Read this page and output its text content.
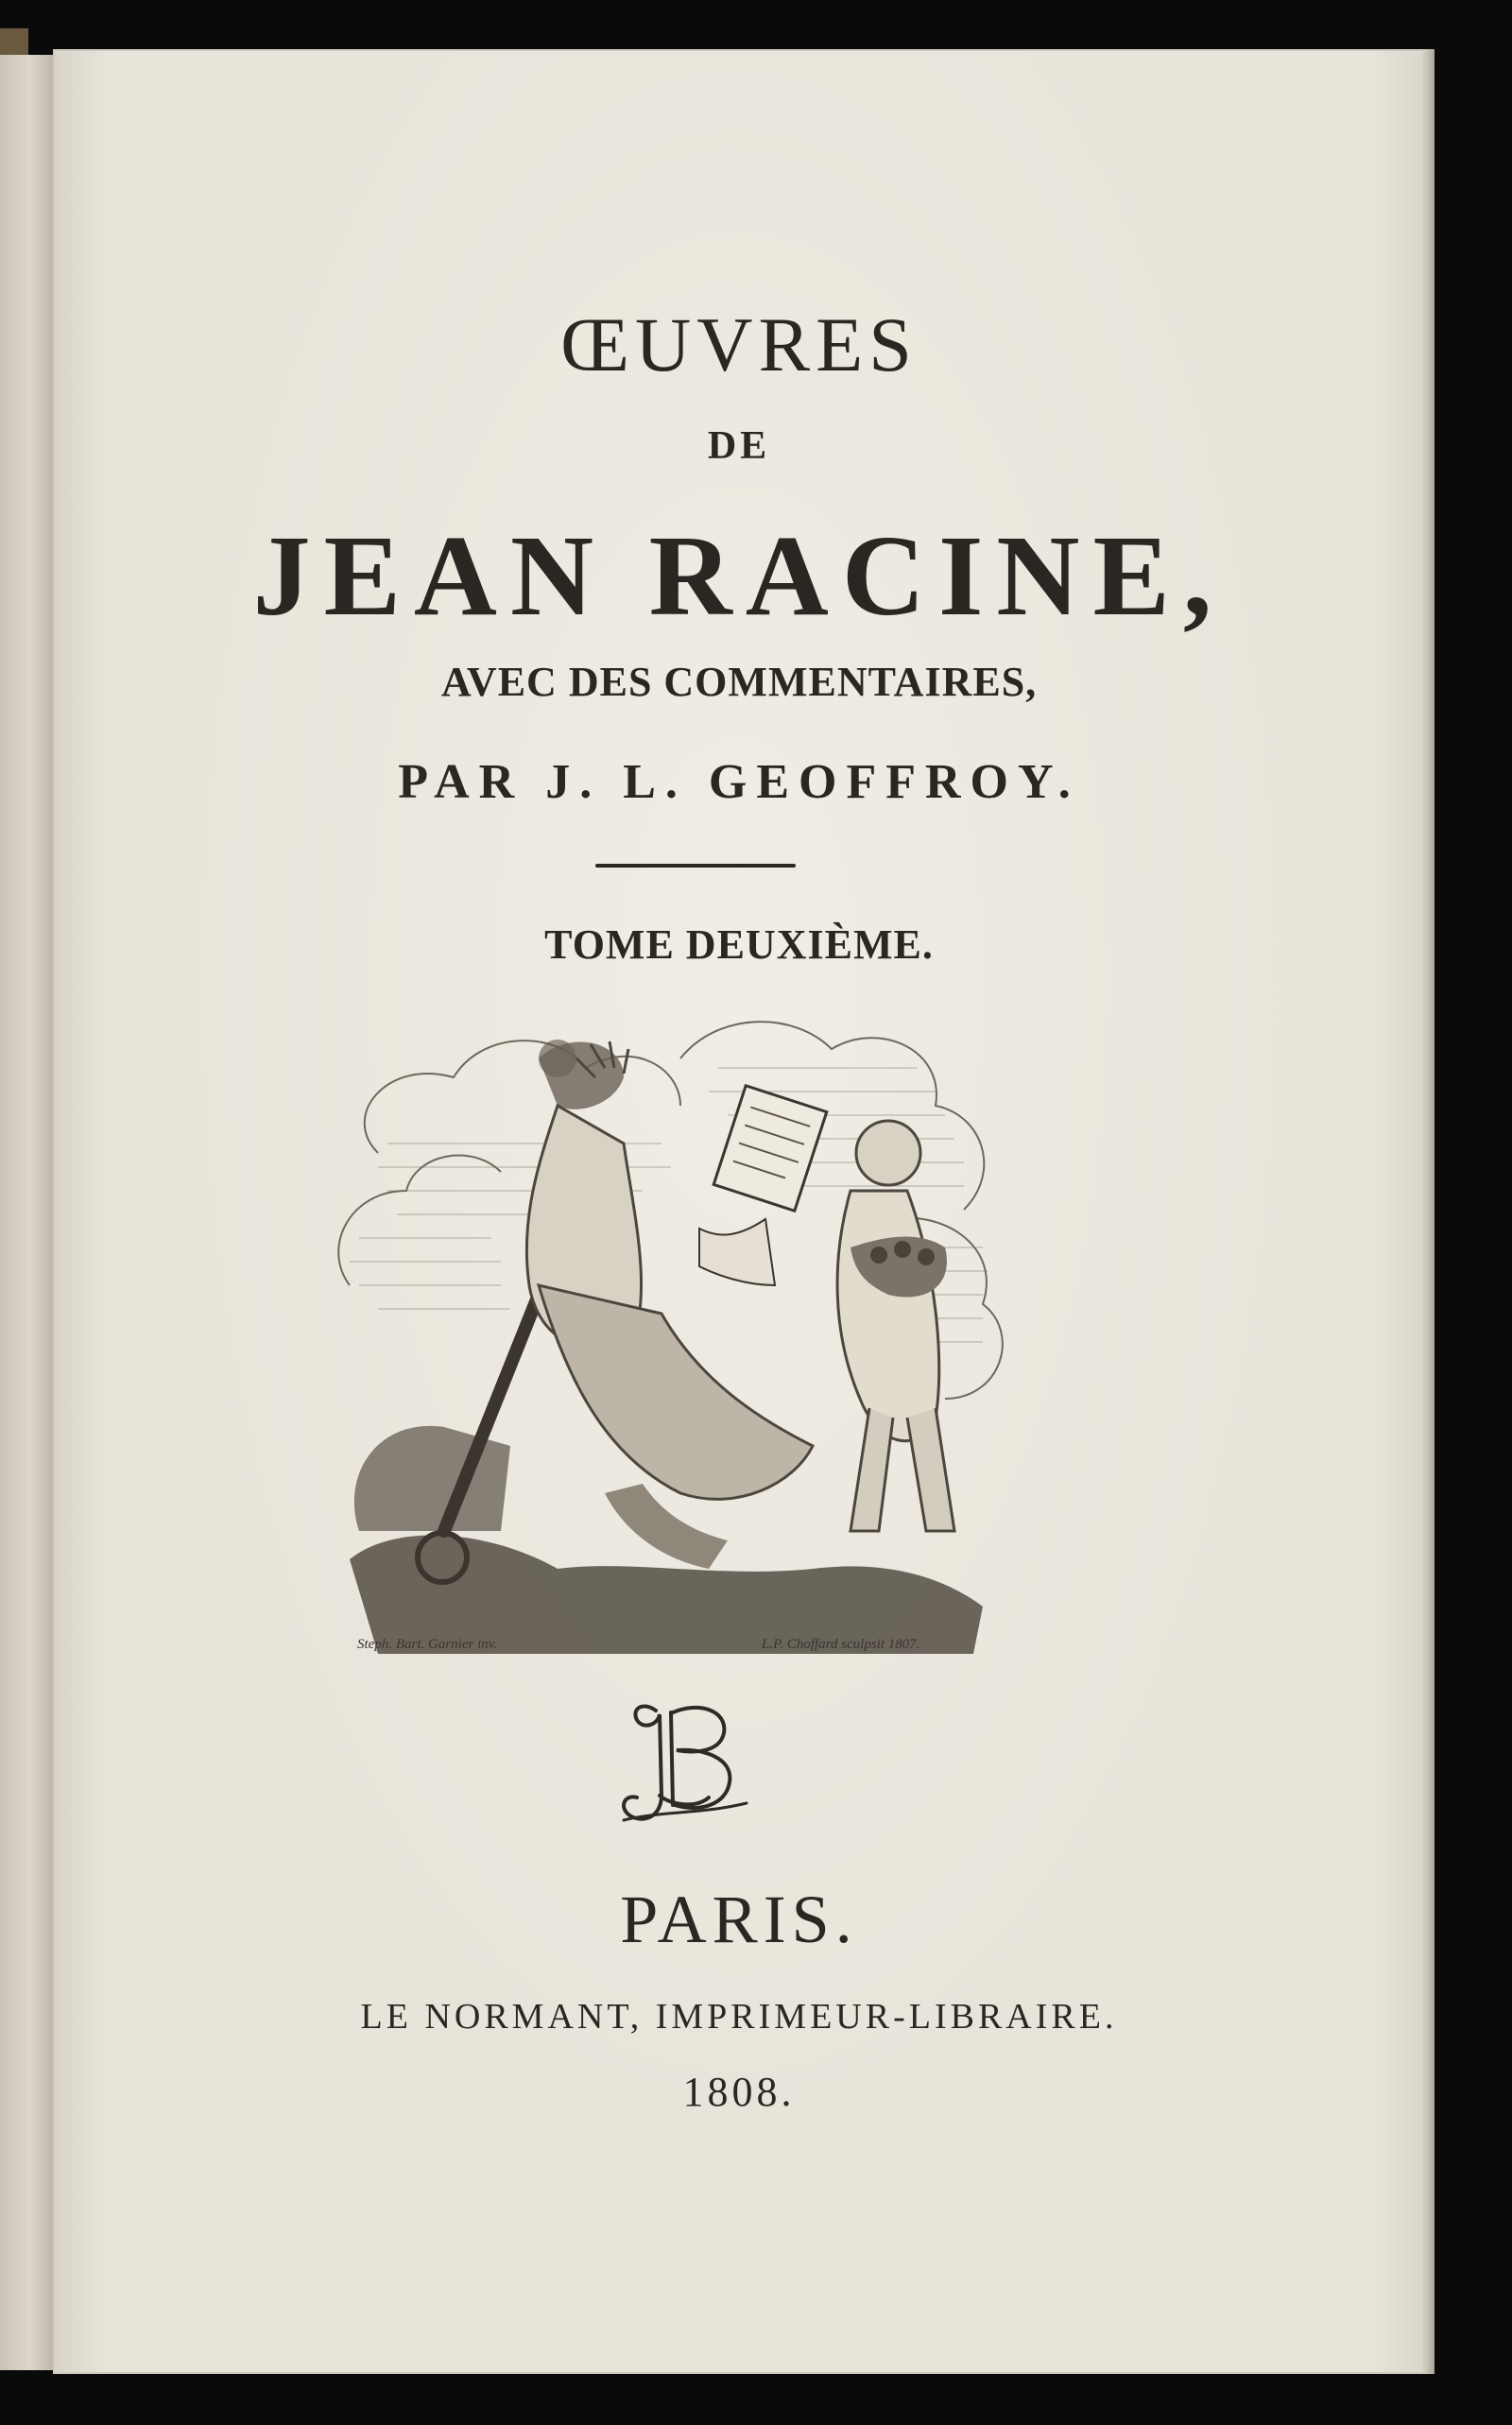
ŒUVRES
DE
JEAN RACINE,
AVEC DES COMMENTAIRES,
PAR J. L. GEOFFROY.
TOME DEUXIÈME.
Steph. Bart. Garnier inv.	L.P. Choffard sculpsit 1807.
PARIS.
LE NORMANT, IMPRIMEUR-LIBRAIRE.
1808.
